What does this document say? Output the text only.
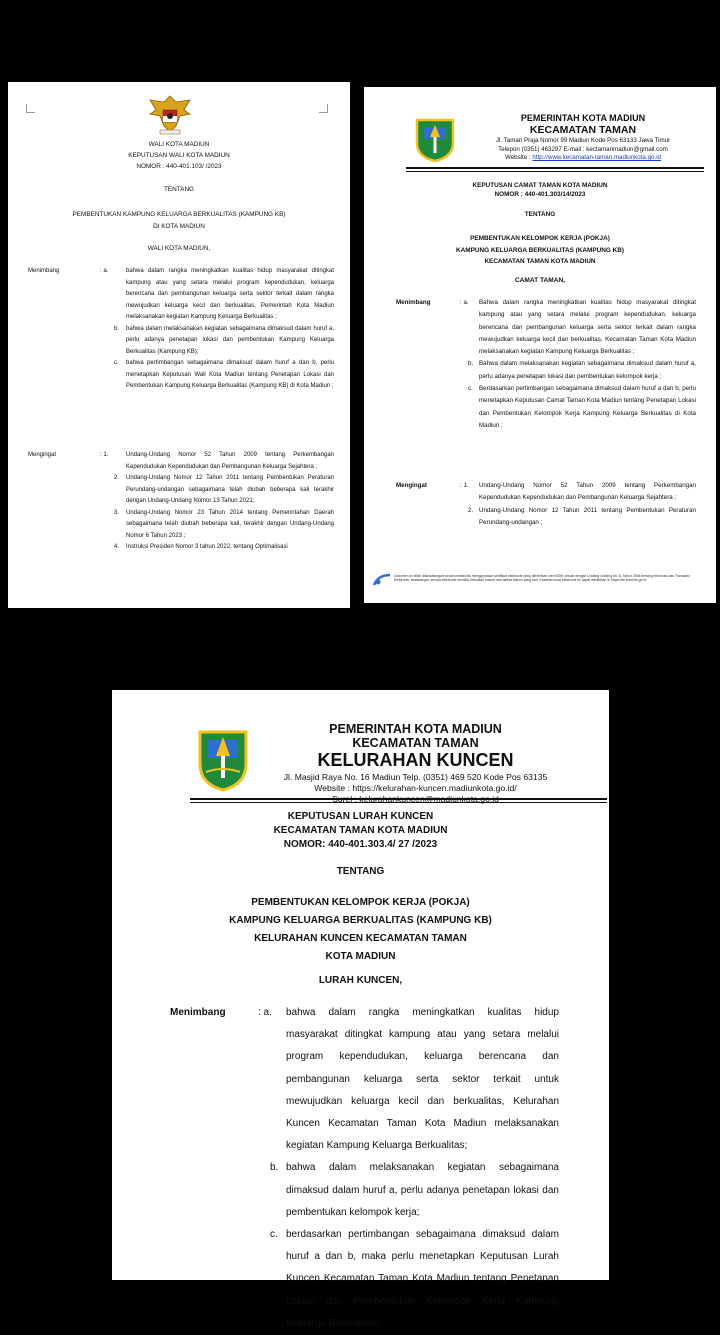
WALI KOTA MADIUN
KEPUTUSAN WALI KOTA MADIUN
NOMOR : 440-401.103/ /2023
TENTANG
PEMBENTUKAN KAMPUNG KELUARGA BERKUALITAS (KAMPUNG KB)
DI KOTA MADIUN
WALI KOTA MADIUN,
Menimbang	: a.	bahwa dalam rangka meningkatkan kualitas hidup masyarakat ditingkat kampung atau yang setara melalui program kependudukan, keluarga berencana dan pembangunan keluarga serta sektor terkait dalam rangka mewujudkan keluarga kecil dan berkualitas, Pemerintah Kota Madiun melaksanakan kegiatan Kampung Keluarga Berkualitas ;
b. bahwa dalam melaksanakan kegiatan sebagaimana dimaksud dalam huruf a, perlu adanya penetapan lokasi dan pembentukan Kampung Keluarga Berkualitas (Kampung KB);
c. bahwa pertimbangan sebagaimana dimaksud dalam huruf a dan b, perlu menetapkan Keputusan Wali Kota Madiun tentang Penetapan Lokasi dan Pembentukan Kampung Keluarga Berkualitas (Kampung KB) di Kota Madiun ;
Mengingat	: 1.	Undang-Undang Nomor 52 Tahun 2009 tentang Perkembangan Kependudukan Kependudukan dan Pembangunan Keluarga Sejahtera ;
2. Undang-Undang Nomor 12 Tahun 2011 tentang Pembentukan Peraturan Perundang-undangan sebagaimana telah diubah beberapa kali terakhir dengan Undang-Undang Nomor 13 Tahun 2021;
3. Undang-Undang Nomor 23 Tahun 2014 tentang Pemerintahan Daerah sebagaimana telah diubah beberapa kali, terakhir dengan Undang-Undang Nomor 6 Tahun 2023 ;
4. Instruksi Presiden Nomor 3 tahun 2022, tentang Optimalisasi
PEMERINTAH KOTA MADIUN
KECAMATAN TAMAN
Jl. Taman Praja Nomor 99 Madiun Kode Pos 63133 Jawa Timur
Telepon (0351) 463297 E-mail : kectamanmadiun@gmail.com
Website : http://www.kecamatan-taman.madiunkota.go.id
KEPUTUSAN CAMAT TAMAN KOTA MADIUN
NOMOR : 440-401.303/14/2023
TENTANG
PEMBENTUKAN KELOMPOK KERJA (POKJA)
KAMPUNG KELUARGA BERKUALITAS (KAMPUNG KB)
KECAMATAN TAMAN KOTA MADIUN
CAMAT TAMAN,
Menimbang	: a. Bahwa dalam rangka meningkatkan kualitas hidup masyarakat ditingkat kampung atau yang setara melalui program kependudukan, keluarga berencana dan pembangunan keluarga serta sektor terkait dalam rangka mewujudkan keluarga kecil dan berkualitas, Kecamatan Taman Kota Madiun melaksanakan kegiatan Kampung Keluarga Berkualitas ;
b. Bahwa dalam melaksanakan kegiatan sebagaimana dimaksud dalam huruf a, perlu adanya penetapan lokasi dan pembentukan kelompok kerja ;
c. Berdasarkan pertimbangan sebagaimana dimaksud dalam huruf a dan b, perlu menetapkan Keputusan Camat Taman Kota Madiun tentang Penetapan Lokasi dan Pembentukan Kelompok Kerja Kampung Keluarga Berkualitas di Kota Madiun ;
Mengingat	: 1. Undang-Undang Nomor 52 Tahun 2009 tentang Perkembangan Kependudukan Kependudukan dan Pembangunan Keluarga Sejahtera ;
2. Undang-Undang Nomor 12 Tahun 2011 tentang Pembentukan Peraturan Perundang-undangan ;
Dokumen ini telah ditandatangani secara elektronik menggunakan sertifikat elektronik yang diterbitkan oleh BSrE sesuai dengan Undang Undang No 11 Tahun 2008 tentang Informasi dan Transaksi Elektronik, tandatangan secara elektronik memiliki kekuatan hukum dan akibat hukum yang sah. Keaslian surat elektronik ini dapat dibuktikan di https://tte.kominfo.go.id
PEMERINTAH KOTA MADIUN
KECAMATAN TAMAN
KELURAHAN KUNCEN
Jl. Masjid Raya No. 16 Madiun Telp. (0351) 469 520 Kode Pos 63135
Website : https://kelurahan-kuncen.madiunkota.go.id/
Surel : kelurahankuncen@madiunkota.go.id
KEPUTUSAN LURAH KUNCEN
KECAMATAN TAMAN KOTA MADIUN
NOMOR: 440-401.303.4/ 27 /2023
TENTANG
PEMBENTUKAN KELOMPOK KERJA (POKJA)
KAMPUNG KELUARGA BERKUALITAS (KAMPUNG KB)
KELURAHAN KUNCEN KECAMATAN TAMAN
KOTA MADIUN
LURAH KUNCEN,
Menimbang	: a. bahwa dalam rangka meningkatkan kualitas hidup masyarakat ditingkat kampung atau yang setara melalui program kependudukan, keluarga berencana dan pembangunan keluarga serta sektor terkait untuk mewujudkan keluarga kecil dan berkualitas, Kelurahan Kuncen Kecamatan Taman Kota Madiun melaksanakan kegiatan Kampung Keluarga Berkualitas;
b. bahwa dalam melaksanakan kegiatan sebagaimana dimaksud dalam huruf a, perlu adanya penetapan lokasi dan pembentukan kelompok kerja;
c. berdasarkan pertimbangan sebagaimana dimaksud dalam huruf a dan b, maka perlu menetapkan Keputusan Lurah Kuncen Kecamatan Taman Kota Madiun tentang Penetapan Lokasi dan Pembentukan Kelompok Kerja Kampung Keluarga Berkualitas.
